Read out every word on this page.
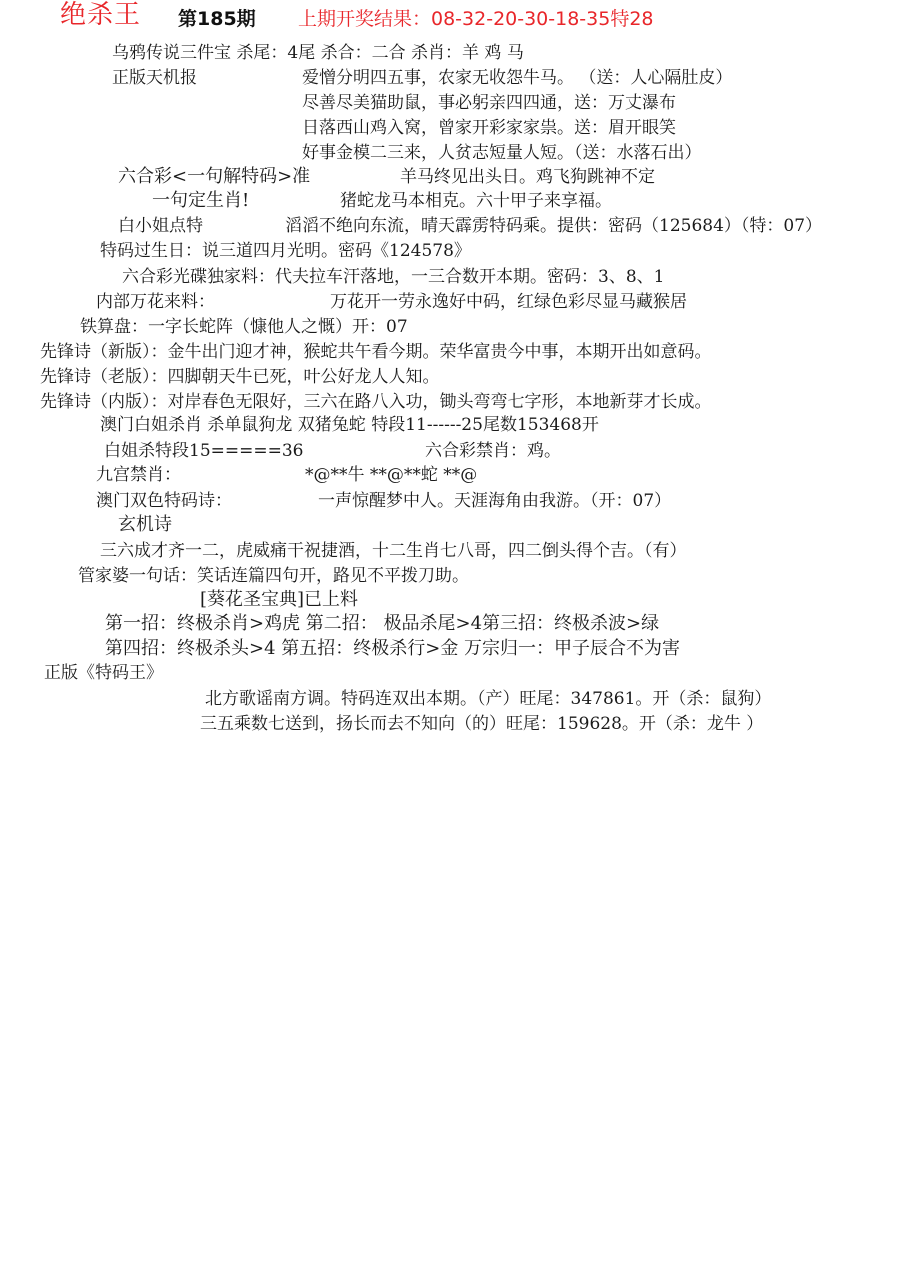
绝杀王 第185期 上期开奖结果：08-32-20-30-18-35特28
乌鸦传说三件宝 杀尾：4尾 杀合：二合 杀肖：羊 鸡 马
正版天机报	爱憎分明四五事，农家无收怨牛马。 （送：人心隔肚皮）
尽善尽美猫助鼠，事必躬亲四四通，送：万丈瀑布
日落西山鸡入窝，曾家开彩家家祟。送：眉开眼笑
好事金模二三来，人贫志短量人短。（送：水落石出）
六合彩<一句解特码>准	羊马终见出头日。鸡飞狗跳神不定
一句定生肖!	猪蛇龙马本相克。六十甲子来享福。
白小姐点特	滔滔不绝向东流，晴天霹雳特码乘。提供：密码（125684）（特：07）
特码过生日：说三道四月光明。密码《124578》
六合彩光碟独家料：代夫拉车汗落地，一三合数开本期。密码：3、8、1
内部万花来料：	万花开一劳永逸好中码，红绿色彩尽显马藏猴居
铁算盘：一字长蛇阵（慷他人之慨）开：07
先锋诗（新版）：金牛出门迎才神，猴蛇共午看今期。荣华富贵今中事，本期开出如意码。
先锋诗（老版）：四脚朝天牛已死，叶公好龙人人知。
先锋诗（内版）：对岸春色无限好，三六在路八入功，锄头弯弯七字形，本地新芽才长成。
澳门白姐杀肖 杀单鼠狗龙 双猪兔蛇 特段11------25尾数153468开
白姐杀特段15=====36	六合彩禁肖：鸡。
九宫禁肖：	*@**牛 **@**蛇 **@
澳门双色特码诗：	一声惊醒梦中人。天涯海角由我游。（开：07）
玄机诗
三六成才齐一二，虎威痛干祝捷酒，十二生肖七八哥，四二倒头得个吉。（有）
管家婆一句话：笑话连篇四句开，路见不平拨刀助。
[葵花圣宝典]已上料
第一招：终极杀肖>鸡虎 第二招： 极品杀尾>4第三招：终极杀波>绿
第四招：终极杀头>4 第五招：终极杀行>金 万宗归一：甲子辰合不为害
正版《特码王》
北方歌谣南方调。特码连双出本期。（产）旺尾：347861。开（杀：鼠狗）
三五乘数七送到，扬长而去不知向（的）旺尾：159628。开（杀：龙牛 ）
